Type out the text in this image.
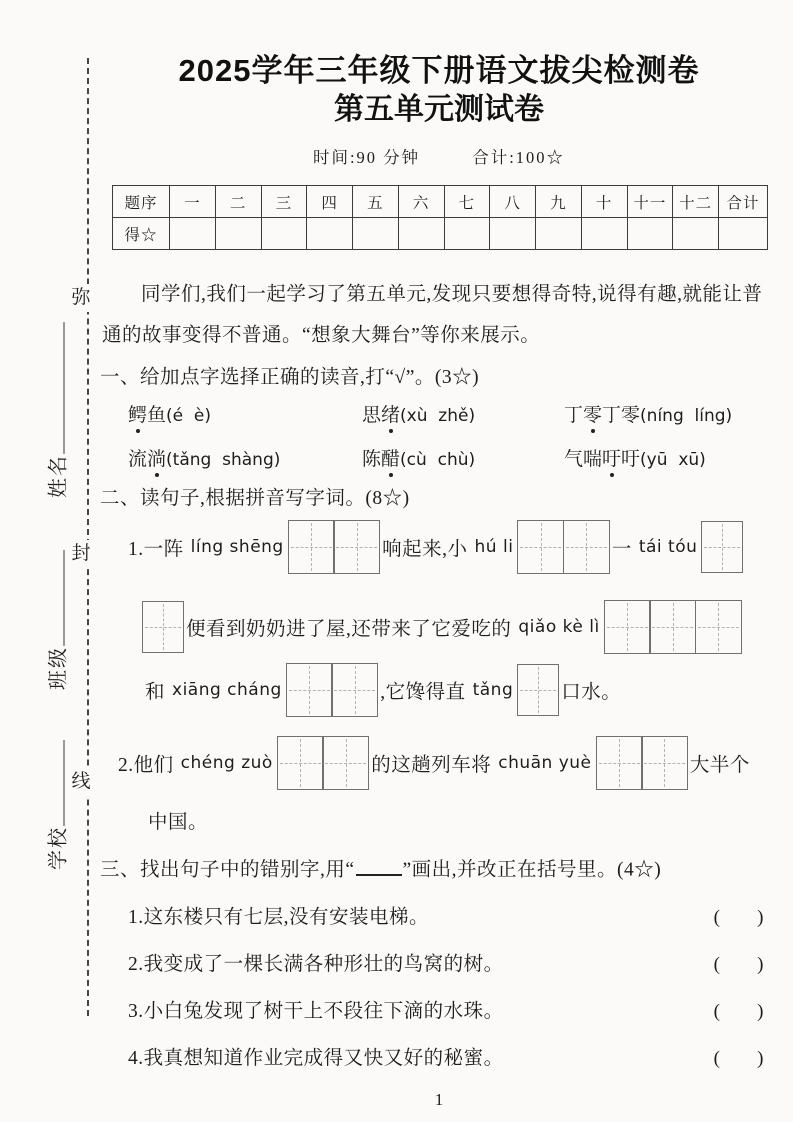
弥
封
线
姓名
班级
学校
2025学年三年级下册语文拔尖检测卷
第五单元测试卷
时间:90 分钟	合计:100☆
题序	一	二	三	四	五	六	七	八	九	十	十一	十二	合计
得☆													
同学们,我们一起学习了第五单元,发现只要想得奇特,说得有趣,就能让普通的故事变得不普通。“想象大舞台”等你来展示。
一、给加点字选择正确的读音,打“√”。(3☆)
鳄鱼(é  è)	思绪(xù  zhě)	丁零丁零(níng  líng)
流淌(tǎng  shàng)	陈醋(cù  chù)	气喘吁吁(yū  xū)
二、读句子,根据拼音写字词。(8☆)
1.一阵 líng shēng	响起来,小 hú li	一 tái tóu
便看到奶奶进了屋,还带来了它爱吃的 qiǎo kè lì
和 xiāng cháng	,它馋得直 tǎng 口水。
2.他们 chéng zuò	的这趟列车将 chuān yuè	大半个
中国。
三、找出句子中的错别字,用“ ”画出,并改正在括号里。(4☆)
1.这东楼只有七层,没有安装电梯。	(       )
2.我变成了一棵长满各种形壮的鸟窝的树。	(       )
3.小白兔发现了树干上不段往下滴的水珠。	(       )
4.我真想知道作业完成得又快又好的秘蜜。	(       )
1
